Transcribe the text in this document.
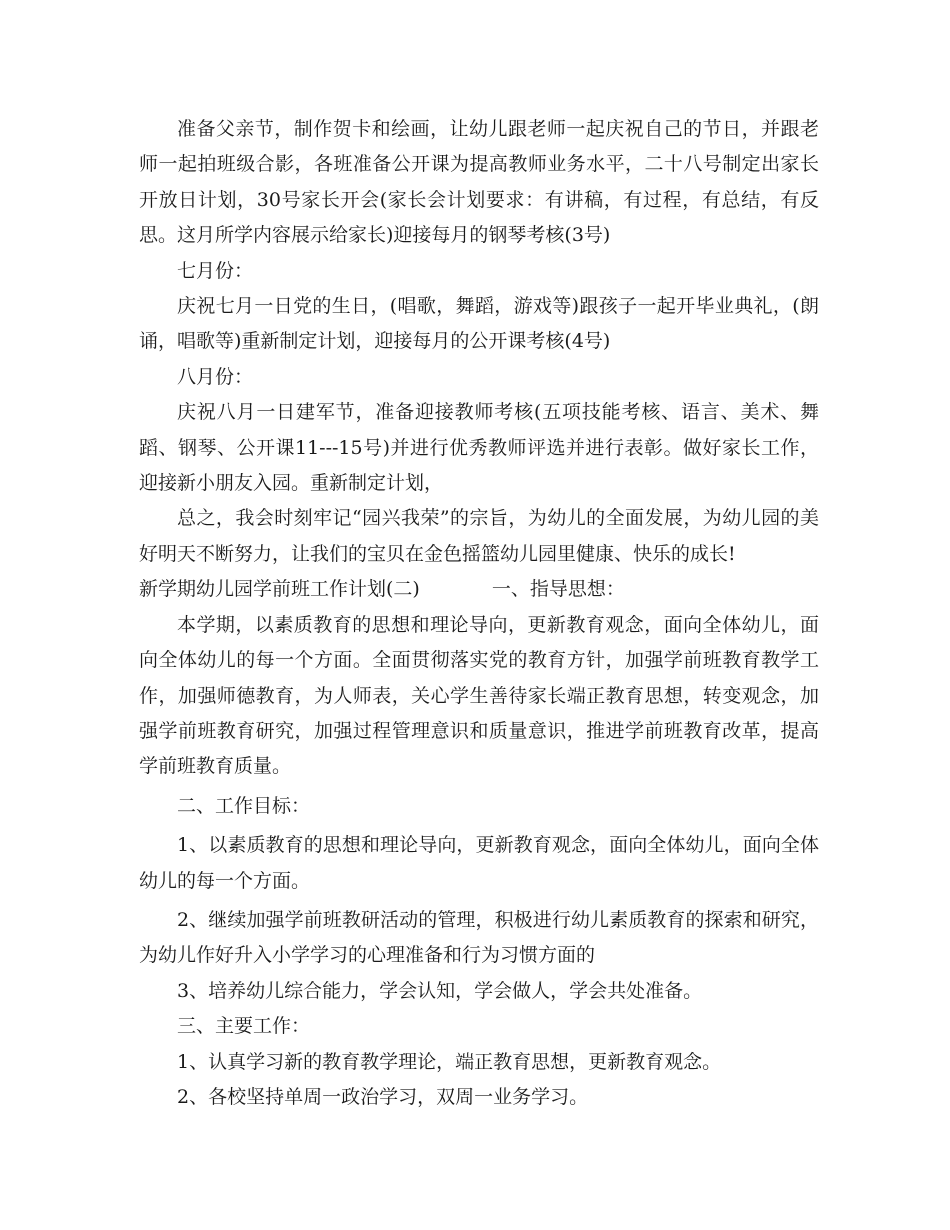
准备父亲节，制作贺卡和绘画，让幼儿跟老师一起庆祝自己的节日，并跟老师一起拍班级合影，各班准备公开课为提高教师业务水平，二十八号制定出家长开放日计划，30号家长开会(家长会计划要求：有讲稿，有过程，有总结，有反思。这月所学内容展示给家长)迎接每月的钢琴考核(3号)

七月份：

庆祝七月一日党的生日，(唱歌，舞蹈，游戏等)跟孩子一起开毕业典礼，(朗诵，唱歌等)重新制定计划，迎接每月的公开课考核(4号)

八月份：

庆祝八月一日建军节，准备迎接教师考核(五项技能考核、语言、美术、舞蹈、钢琴、公开课11---15号)并进行优秀教师评选并进行表彰。做好家长工作，迎接新小朋友入园。重新制定计划，

总之，我会时刻牢记“园兴我荣”的宗旨，为幼儿的全面发展，为幼儿园的美好明天不断努力，让我们的宝贝在金色摇篮幼儿园里健康、快乐的成长!

新学期幼儿园学前班工作计划(二)	一、指导思想：

本学期，以素质教育的思想和理论导向，更新教育观念，面向全体幼儿，面向全体幼儿的每一个方面。全面贯彻落实党的教育方针，加强学前班教育教学工作，加强师德教育，为人师表，关心学生善待家长端正教育思想，转变观念，加强学前班教育研究，加强过程管理意识和质量意识，推进学前班教育改革，提高学前班教育质量。

二、工作目标：

1、以素质教育的思想和理论导向，更新教育观念，面向全体幼儿，面向全体幼儿的每一个方面。

2、继续加强学前班教研活动的管理，积极进行幼儿素质教育的探索和研究，为幼儿作好升入小学学习的心理准备和行为习惯方面的

3、培养幼儿综合能力，学会认知，学会做人，学会共处准备。

三、主要工作：

1、认真学习新的教育教学理论，端正教育思想，更新教育观念。

2、各校坚持单周一政治学习，双周一业务学习。
